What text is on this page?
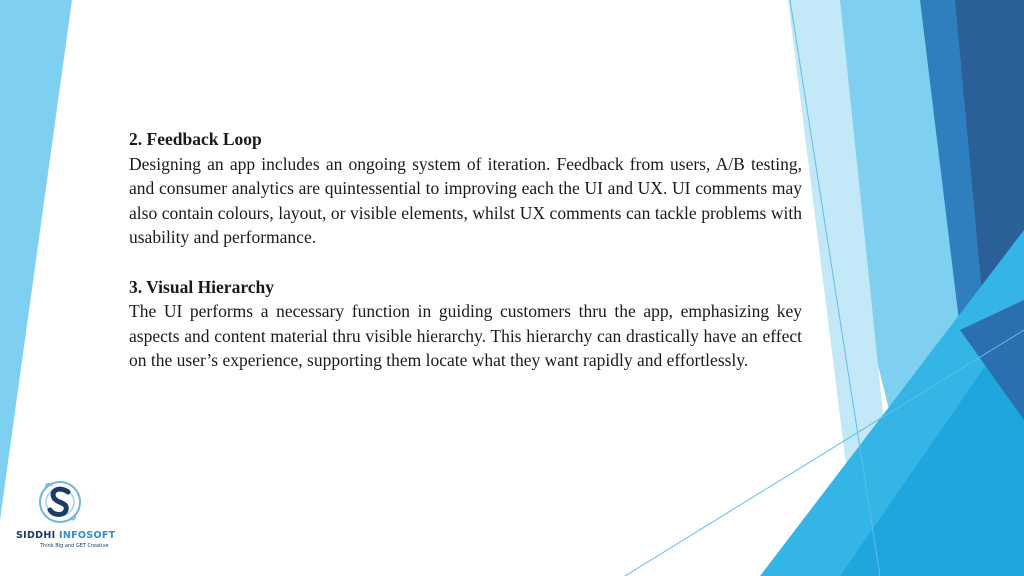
2. Feedback Loop
Designing an app includes an ongoing system of iteration. Feedback from users, A/B testing, and consumer analytics are quintessential to improving each the UI and UX. UI comments may also contain colours, layout, or visible elements, whilst UX comments can tackle problems with usability and performance.
3. Visual Hierarchy
The UI performs a necessary function in guiding customers thru the app, emphasizing key aspects and content material thru visible hierarchy. This hierarchy can drastically have an effect on the user’s experience, supporting them locate what they want rapidly and effortlessly.
SIDDHI INFOSOFT
Think Big and GET Creative
